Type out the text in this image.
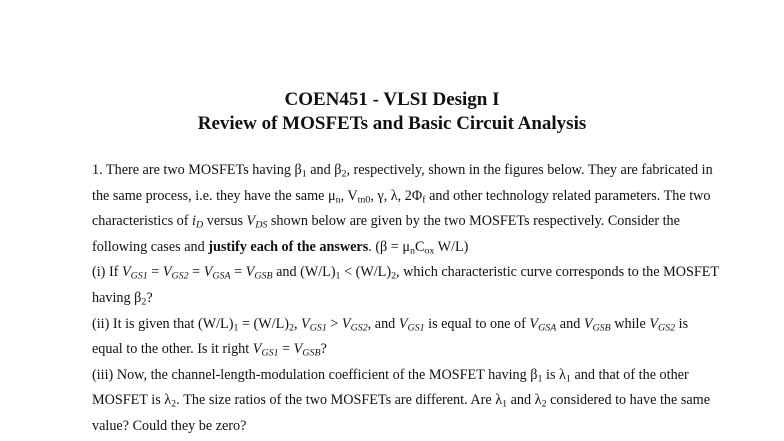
COEN451 - VLSI Design I
Review of MOSFETs and Basic Circuit Analysis

1. There are two MOSFETs having $\beta_1$ and $\beta_2$, respectively, shown in the figures below. They are fabricated in the same process, i.e. they have the same $\mu_n$, $V_{tn0}$, γ, λ, $2\Phi_f$ and other technology related parameters. The two characteristics of $i_D$ versus $V_{DS}$ shown below are given by the two MOSFETs respectively. Consider the following cases and justify each of the answers. ($\beta = \mu_nC_{ox}$ W/L)

(i) If $V_{GS1} = V_{GS2} = V_{GSA} = V_{GSB}$ and $(W/L)_1 < (W/L)_2$, which characteristic curve corresponds to the MOSFET having $\beta_2$?

(ii) It is given that $(W/L)_1 = (W/L)_2$, $V_{GS1} > V_{GS2}$, and $V_{GS1}$ is equal to one of $V_{GSA}$ and $V_{GSB}$ while $V_{GS2}$ is equal to the other. Is it right $V_{GS1} = V_{GSB}$?

(iii) Now, the channel-length-modulation coefficient of the MOSFET having $\beta_1$ is $\lambda_1$ and that of the other MOSFET is $\lambda_2$. The size ratios of the two MOSFETs are different. Are $\lambda_1$ and $\lambda_2$ considered to have the same value? Could they be zero?
